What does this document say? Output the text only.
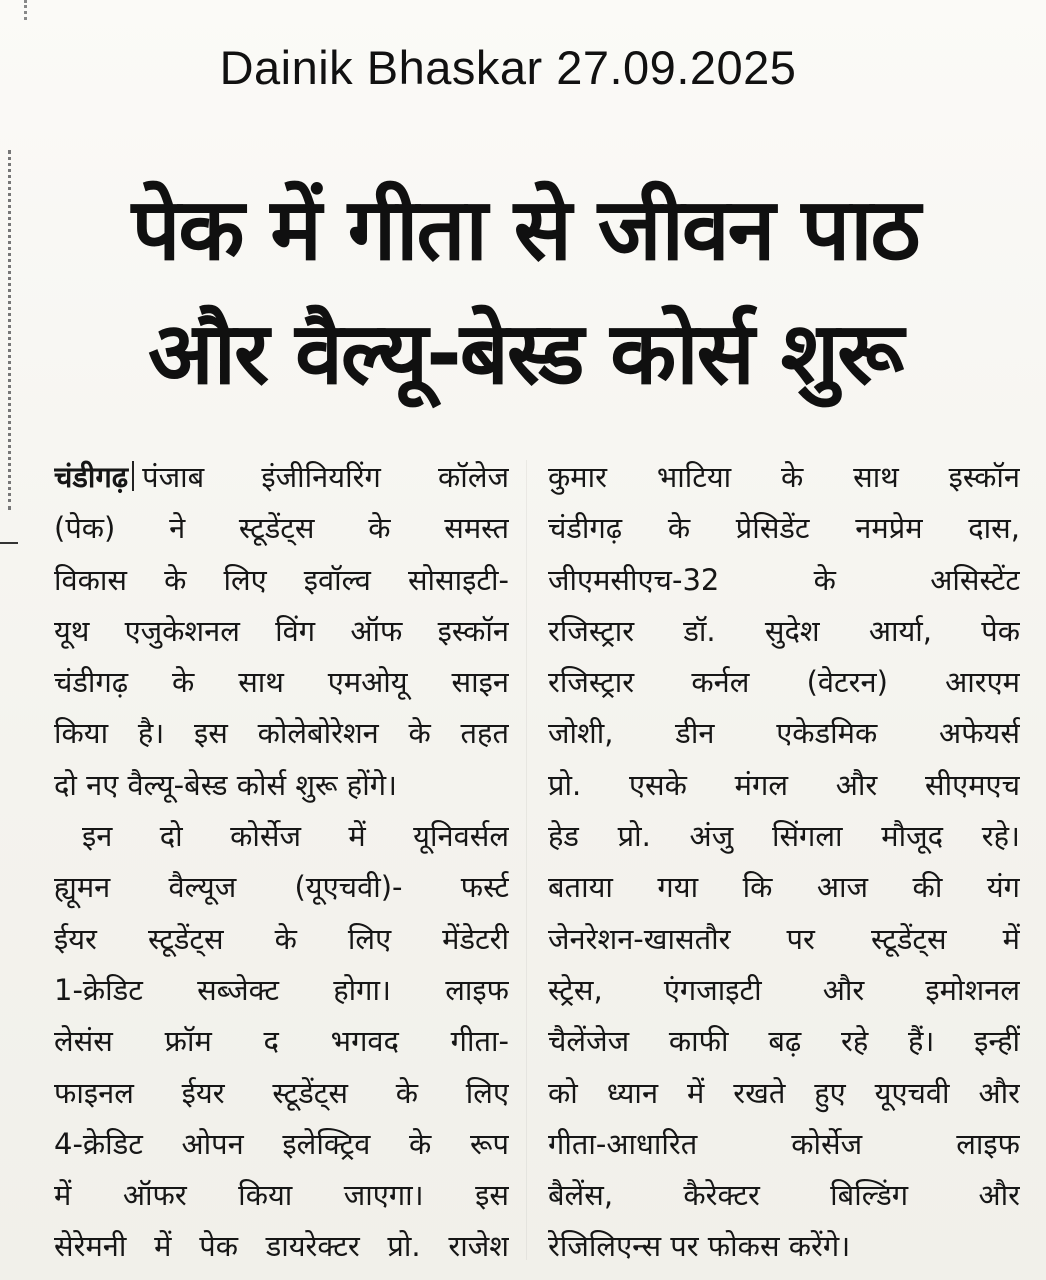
Dainik Bhaskar 27.09.2025
पेक में गीता से जीवन पाठ
और वैल्यू-बेस्ड कोर्स शुरू
चंडीगढ़ पंजाब इंजीनियरिंग कॉलेज
(पेक) ने स्टूडेंट्स के समस्त
विकास के लिए इवॉल्व सोसाइटी-
यूथ एजुकेशनल विंग ऑफ इस्कॉन
चंडीगढ़ के साथ एमओयू साइन
किया है। इस कोलेबोरेशन के तहत
दो नए वैल्यू-बेस्ड कोर्स शुरू होंगे।
इन दो कोर्सेज में यूनिवर्सल
ह्यूमन वैल्यूज (यूएचवी)- फर्स्ट
ईयर स्टूडेंट्स के लिए मेंडेटरी
1-क्रेडिट सब्जेक्ट होगा। लाइफ
लेसंस फ्रॉम द भगवद गीता-
फाइनल ईयर स्टूडेंट्स के लिए
4-क्रेडिट ओपन इलेक्ट्रिव के रूप
में ऑफर किया जाएगा। इस
सेरेमनी में पेक डायरेक्टर प्रो. राजेश
कुमार भाटिया के साथ इस्कॉन
चंडीगढ़ के प्रेसिडेंट नमप्रेम दास,
जीएमसीएच-32 के असिस्टेंट
रजिस्ट्रार डॉ. सुदेश आर्या, पेक
रजिस्ट्रार कर्नल (वेटरन) आरएम
जोशी, डीन एकेडमिक अफेयर्स
प्रो. एसके मंगल और सीएमएच
हेड प्रो. अंजु सिंगला मौजूद रहे।
बताया गया कि आज की यंग
जेनरेशन-खासतौर पर स्टूडेंट्स में
स्ट्रेस, एंगजाइटी और इमोशनल
चैलेंजेज काफी बढ़ रहे हैं। इन्हीं
को ध्यान में रखते हुए यूएचवी और
गीता-आधारित कोर्सेज लाइफ
बैलेंस, कैरेक्टर बिल्डिंग और
रेजिलिएन्स पर फोकस करेंगे।
